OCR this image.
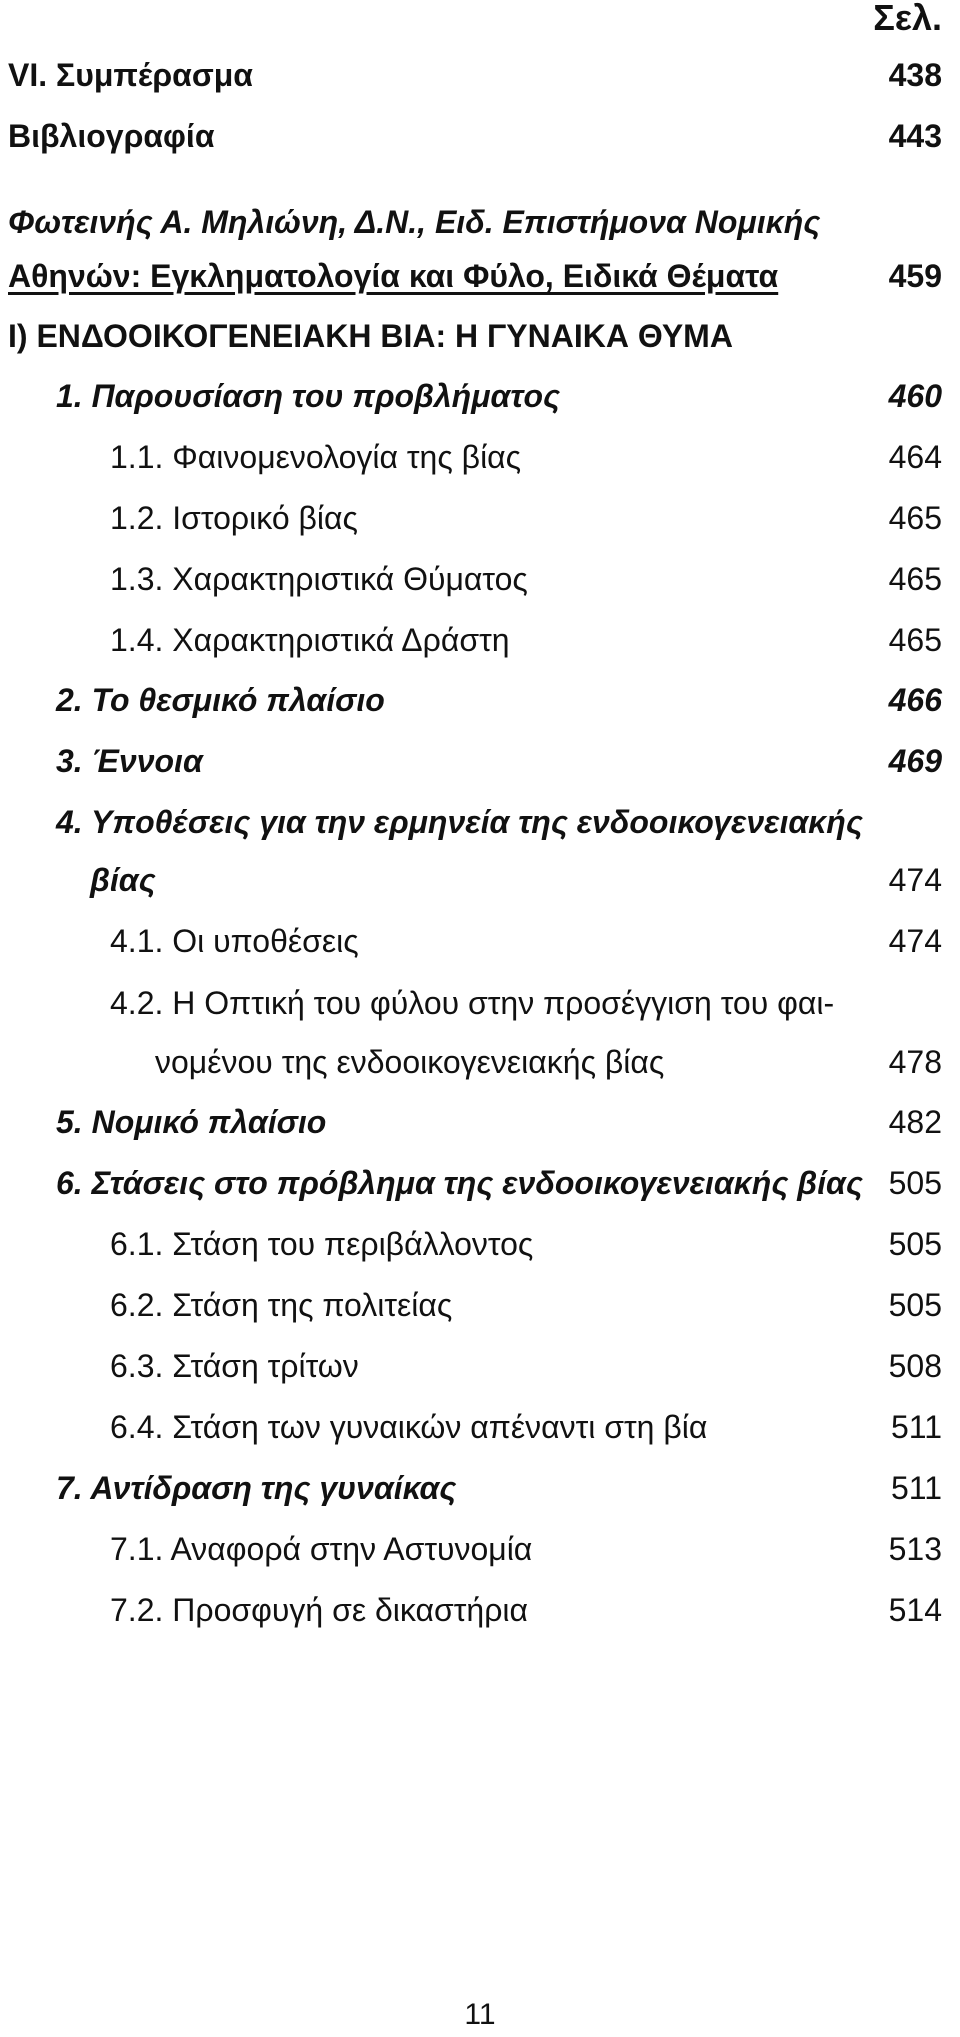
Σελ.
VI. Συμπέρασμα	438
Βιβλιογραφία	443
Φωτεινής Α. Μηλιώνη, Δ.Ν., Ειδ. Επιστήμονα Νομικής
Αθηνών: Εγκληματολογία και Φύλο, Ειδικά Θέματα	459
Ι) ΕΝΔΟΟΙΚΟΓΕΝΕΙΑΚΗ ΒΙΑ: Η ΓΥΝΑΙΚΑ ΘΥΜΑ
1. Παρουσίαση του προβλήματος	460
1.1. Φαινομενολογία της βίας	464
1.2. Ιστορικό βίας	465
1.3. Χαρακτηριστικά Θύματος	465
1.4. Χαρακτηριστικά Δράστη	465
2. Το θεσμικό πλαίσιο	466
3. Έννοια	469
4. Υποθέσεις για την ερμηνεία της ενδοοικογενειακής
βίας	474
4.1. Οι υποθέσεις	474
4.2. Η Οπτική του φύλου στην προσέγγιση του φαι-
νομένου της ενδοοικογενειακής βίας	478
5. Νομικό πλαίσιο	482
6. Στάσεις στο πρόβλημα της ενδοοικογενειακής βίας 505
6.1. Στάση του περιβάλλοντος	505
6.2. Στάση της πολιτείας	505
6.3. Στάση τρίτων	508
6.4. Στάση των γυναικών απέναντι στη βία	511
7. Αντίδραση της γυναίκας	511
7.1. Αναφορά στην Αστυνομία	513
7.2. Προσφυγή σε δικαστήρια	514
11
